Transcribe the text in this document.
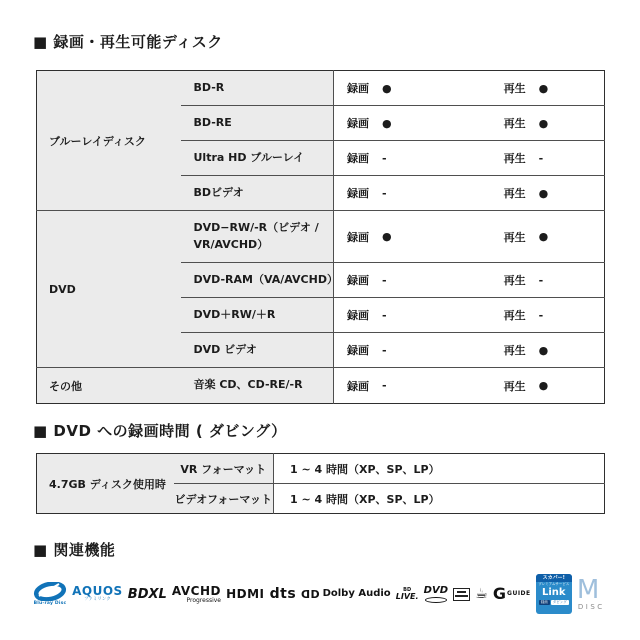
■ 録画・再生可能ディスク
ブルーレイディスク	BD-R	録画 ● 再生 ●

	BD-RE	録画 ● 再生 ●

	Ultra HD ブルーレイ	録画 - 再生 -

	BDビデオ	録画 - 再生 ●

DVD	DVD−RW/-R（ビデオ / VR/AVCHD）	録画 ● 再生 ●

	DVD-RAM（VA/AVCHD）	録画 - 再生 -

	DVD＋RW/＋R	録画 - 再生 -

	DVD ビデオ	録画 - 再生 ●

その他	音楽 CD、CD-RE/-R	録画 - 再生 ●
■ DVD への録画時間 ( ダビング）
4.7GB ディスク使用時	VR フォーマット	1 ~ 4 時間（XP、SP、LP）
	ビデオフォーマット	1 ~ 4 時間（XP、SP、LP）
■ 関連機能
Blu-ray Disc
AQUOS
ファミリンク BDXL AVCHD
Progressive HDMI dts D D Dolby Audio	BD
LIVE.
DVD ☕ G GUIDE
スカパー!
プレミアムサービス
Link
録画	ダビング M
DISC
